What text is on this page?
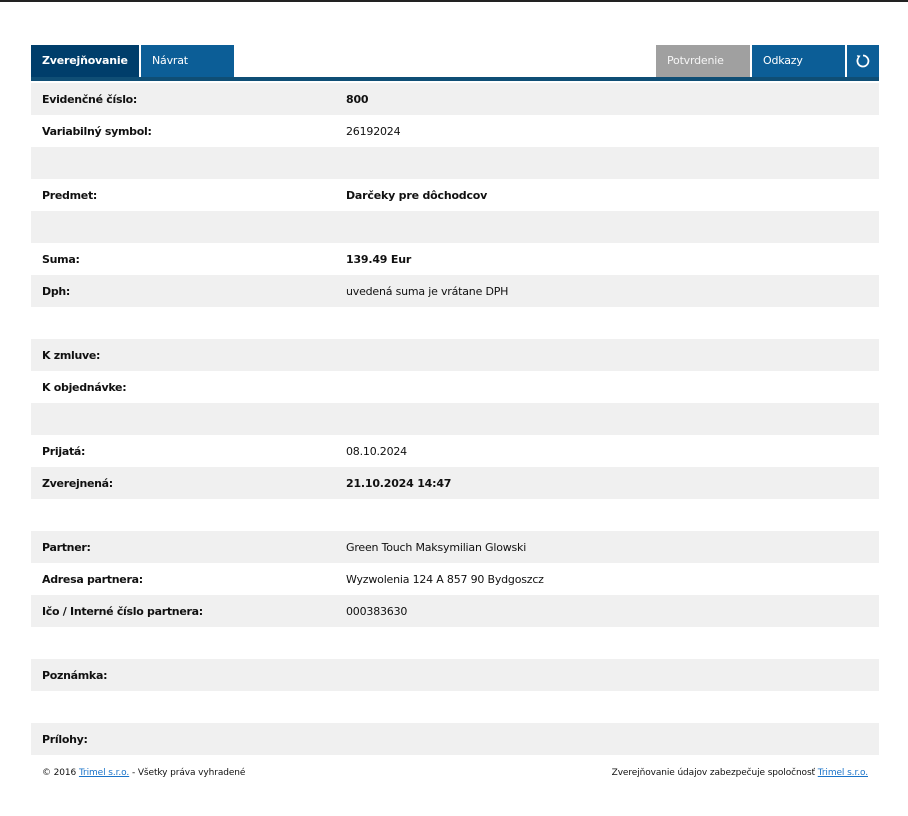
Zverejňovanie	Návrat	Potvrdenie	Odkazy
Evidenčné číslo:	800
Variabilný symbol:	26192024
Predmet:	Darčeky pre dôchodcov
Suma:	139.49 Eur
Dph:	uvedená suma je vrátane DPH
K zmluve:
K objednávke:
Prijatá:	08.10.2024
Zverejnená:	21.10.2024 14:47
Partner:	Green Touch Maksymilian Glowski
Adresa partnera:	Wyzwolenia 124 A 857 90 Bydgoszcz
Ičo / Interné číslo partnera:	000383630
Poznámka:
Prílohy:
© 2016 Trimel s.r.o. - Všetky práva vyhradené	Zverejňovanie údajov zabezpečuje spoločnosť Trimel s.r.o.
